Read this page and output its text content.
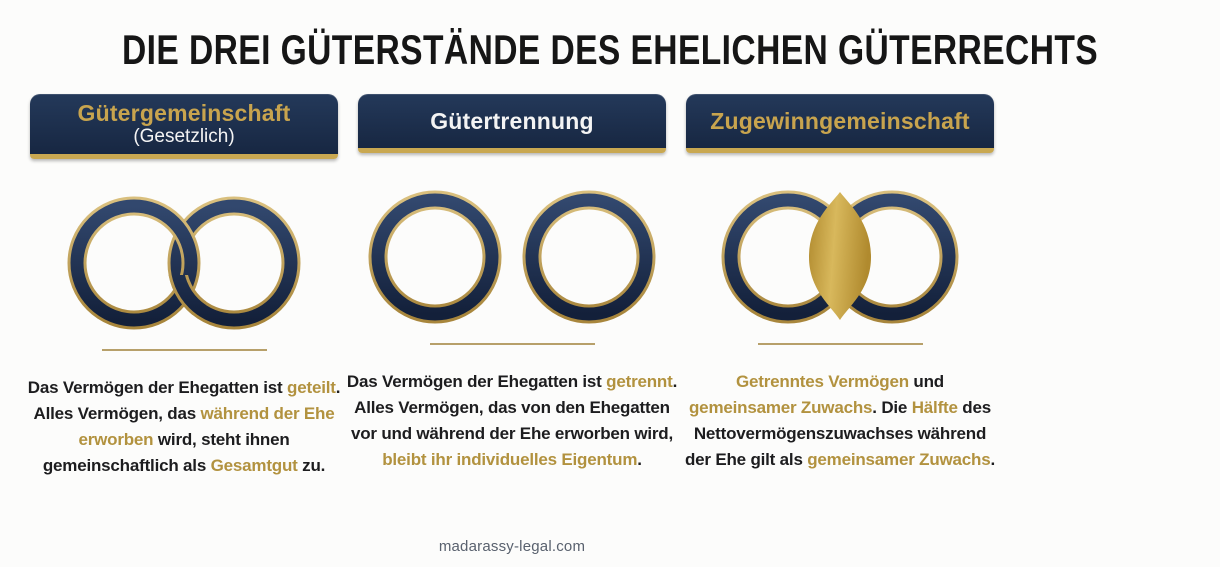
DIE DREI GÜTERSTÄNDE DES EHELICHEN GÜTERRECHTS
Gütergemeinschaft
(Gesetzlich)
Das Vermögen der Ehegatten ist geteilt.
Alles Vermögen, das während der Ehe
erworben wird, steht ihnen
gemeinschaftlich als Gesamtgut zu.
Gütertrennung
Das Vermögen der Ehegatten ist getrennt.
Alles Vermögen, das von den Ehegatten
vor und während der Ehe erworben wird,
bleibt ihr individuelles Eigentum.
Zugewinngemeinschaft
Getrenntes Vermögen und
gemeinsamer Zuwachs. Die Hälfte des
Nettovermögenszuwachses während
der Ehe gilt als gemeinsamer Zuwachs.
madarassy-legal.com
